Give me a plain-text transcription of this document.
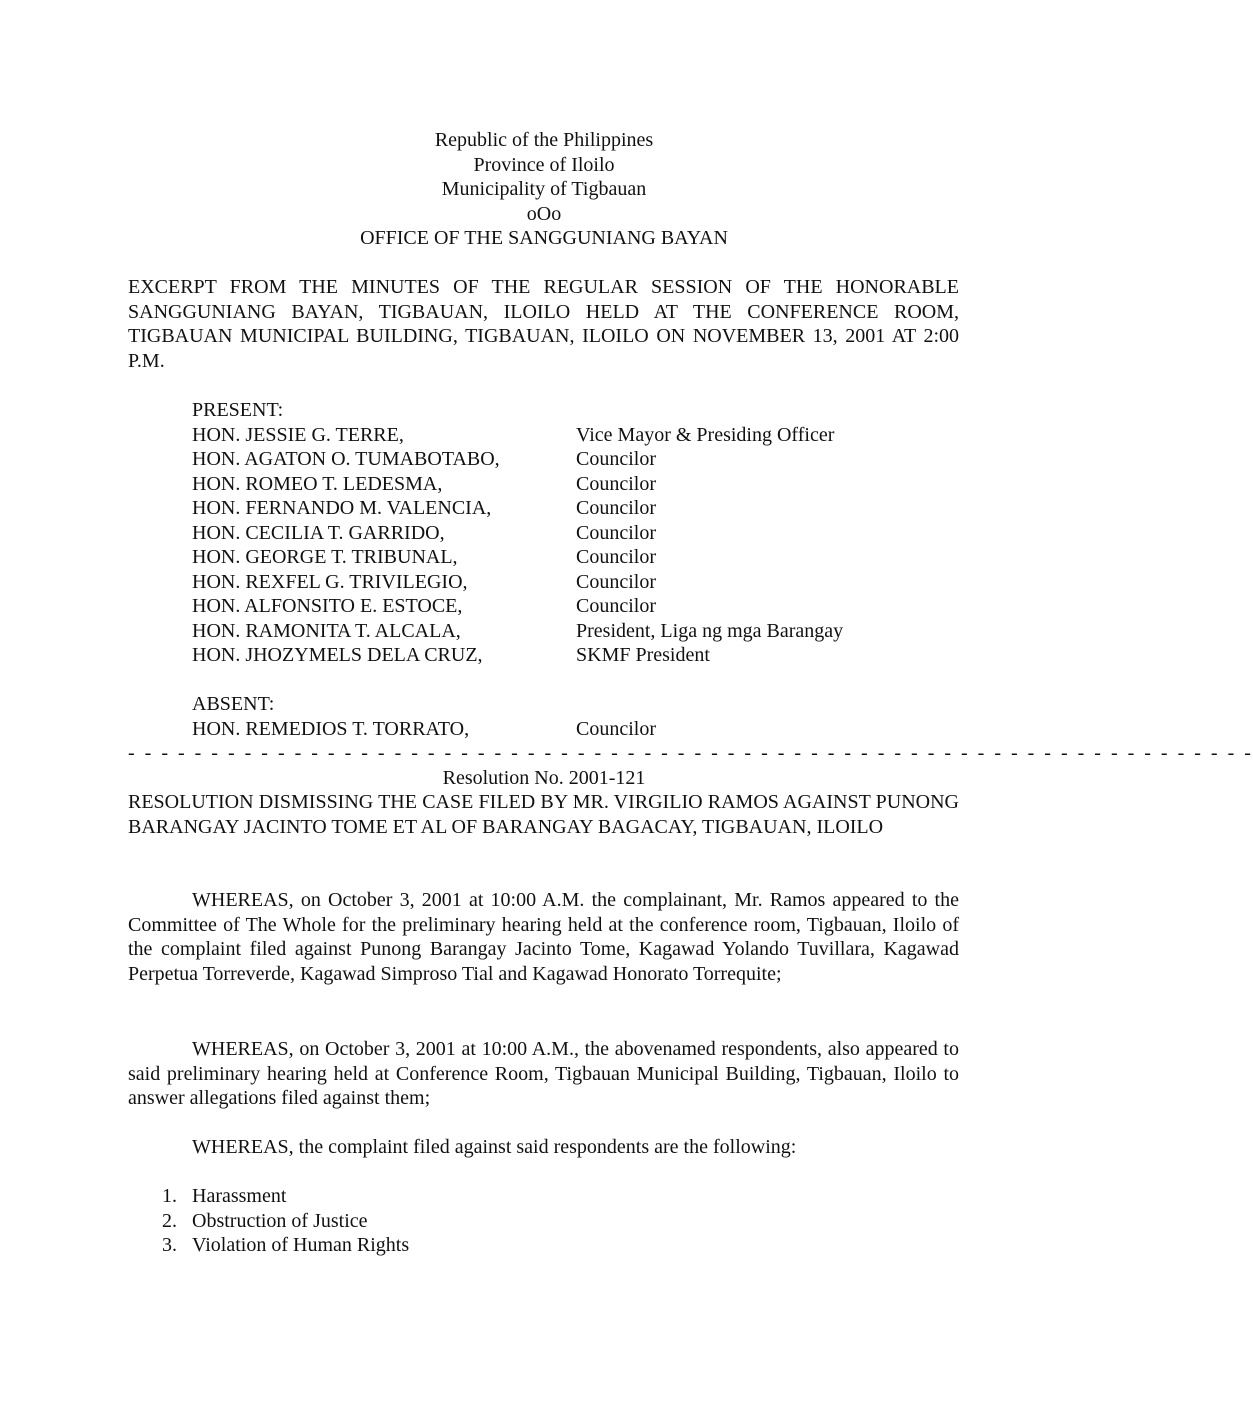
Republic of the Philippines
Province of Iloilo
Municipality of Tigbauan
oOo
OFFICE OF THE SANGGUNIANG BAYAN
EXCERPT FROM THE MINUTES OF THE REGULAR SESSION OF THE HONORABLE SANGGUNIANG BAYAN, TIGBAUAN, ILOILO HELD AT THE CONFERENCE ROOM, TIGBAUAN MUNICIPAL BUILDING, TIGBAUAN, ILOILO ON NOVEMBER 13, 2001 AT 2:00 P.M.
PRESENT:
HON. JESSIE G. TERRE,	Vice Mayor & Presiding Officer
HON. AGATON O. TUMABOTABO,	Councilor
HON. ROMEO T. LEDESMA,	Councilor
HON. FERNANDO M. VALENCIA,	Councilor
HON. CECILIA T. GARRIDO,	Councilor
HON. GEORGE T. TRIBUNAL,	Councilor
HON. REXFEL G. TRIVILEGIO,	Councilor
HON. ALFONSITO E. ESTOCE,	Councilor
HON. RAMONITA T. ALCALA,	President, Liga ng mga Barangay
HON. JHOZYMELS DELA CRUZ,	SKMF President
ABSENT:
HON. REMEDIOS T. TORRATO,	Councilor
- - - - - - - - - - - - - - - - - - - - - - - - - - - - - - - - - - - - - - - - - - - - - - - - - - - - - - - - - - - - - - - - - - - -
Resolution No. 2001-121
RESOLUTION DISMISSING THE CASE FILED BY MR. VIRGILIO RAMOS AGAINST PUNONG BARANGAY JACINTO TOME ET AL OF BARANGAY BAGACAY, TIGBAUAN, ILOILO
WHEREAS, on October 3, 2001 at 10:00 A.M. the complainant, Mr. Ramos appeared to the Committee of The Whole for the preliminary hearing held at the conference room, Tigbauan, Iloilo of the complaint filed against Punong Barangay Jacinto Tome, Kagawad Yolando Tuvillara, Kagawad Perpetua Torreverde, Kagawad Simproso Tial and Kagawad Honorato Torrequite;
WHEREAS, on October 3, 2001 at 10:00 A.M., the abovenamed respondents, also appeared to said preliminary hearing held at Conference Room, Tigbauan Municipal Building, Tigbauan, Iloilo to answer allegations filed against them;
WHEREAS, the complaint filed against said respondents are the following:
1. Harassment
2. Obstruction of Justice
3. Violation of Human Rights
